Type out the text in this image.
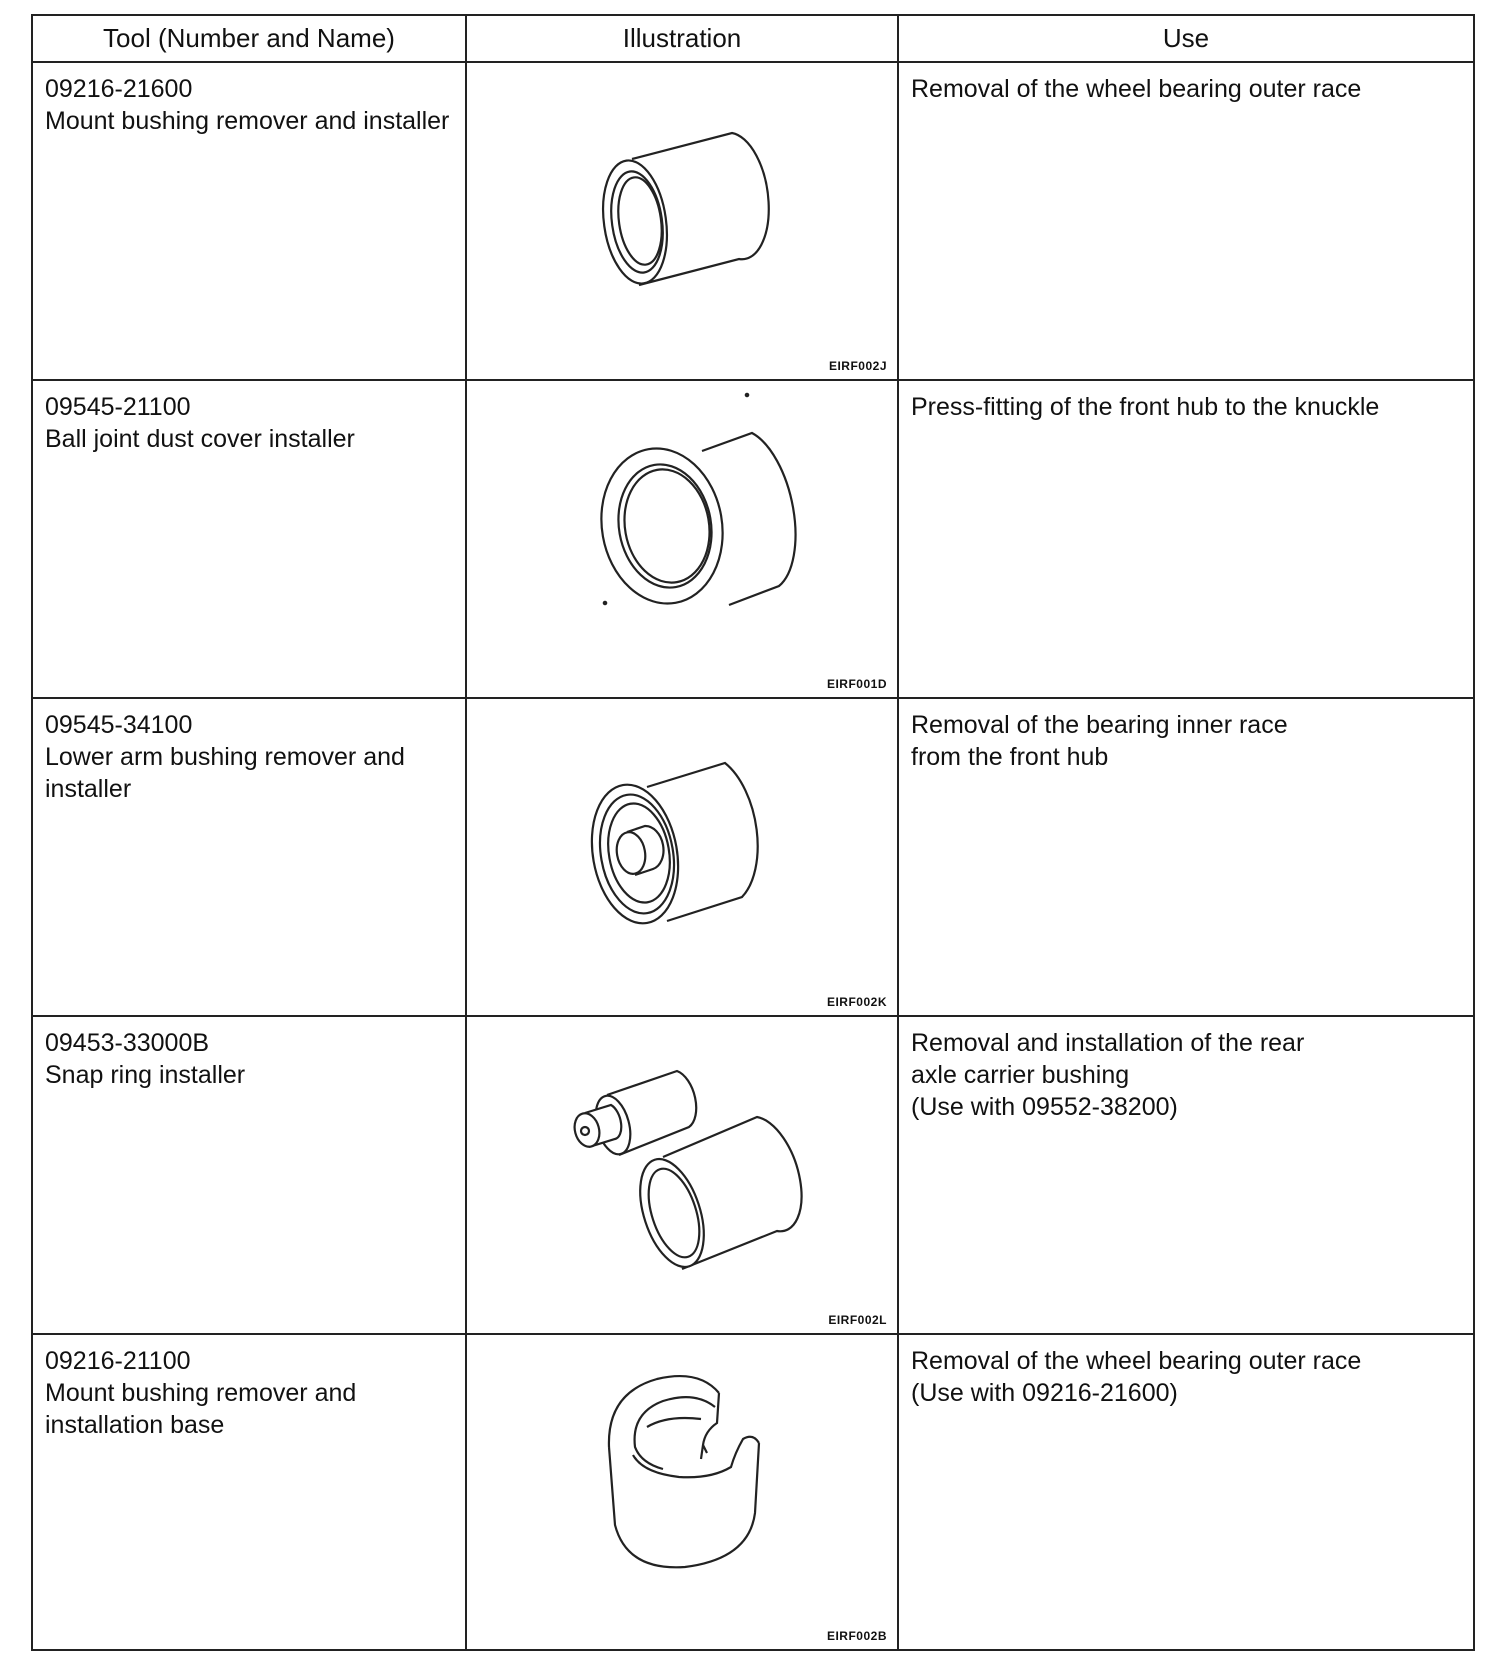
Tool (Number and Name)	Illustration	Use

09216-21600
Mount bushing remover and installer	EIRF002J	Removal of the wheel bearing outer race

09545-21100
Ball joint dust cover installer	EIRF001D	Press-fitting of the front hub to the knuckle

09545-34100
Lower arm bushing remover and installer	EIRF002K	Removal of the bearing inner race
from the front hub

09453-33000B
Snap ring installer	EIRF002L	Removal and installation of the rear
axle carrier bushing
(Use with 09552-38200)

09216-21100
Mount bushing remover and installation base	EIRF002B	Removal of the wheel bearing outer race
(Use with 09216-21600)
